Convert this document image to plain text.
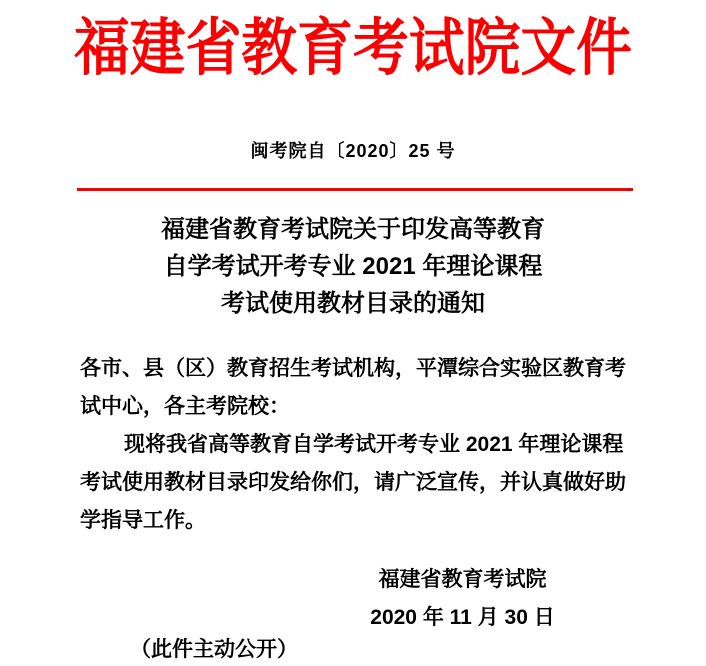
福建省教育考试院文件
闽考院自〔2020〕25 号
福建省教育考试院关于印发高等教育
自学考试开考专业 2021 年理论课程
考试使用教材目录的通知
各市、县（区）教育招生考试机构，平潭综合实验区教育考
试中心，各主考院校：
现将我省高等教育自学考试开考专业 2021 年理论课程
考试使用教材目录印发给你们，请广泛宣传，并认真做好助
学指导工作。
福建省教育考试院
2020 年 11 月 30 日
（此件主动公开）
